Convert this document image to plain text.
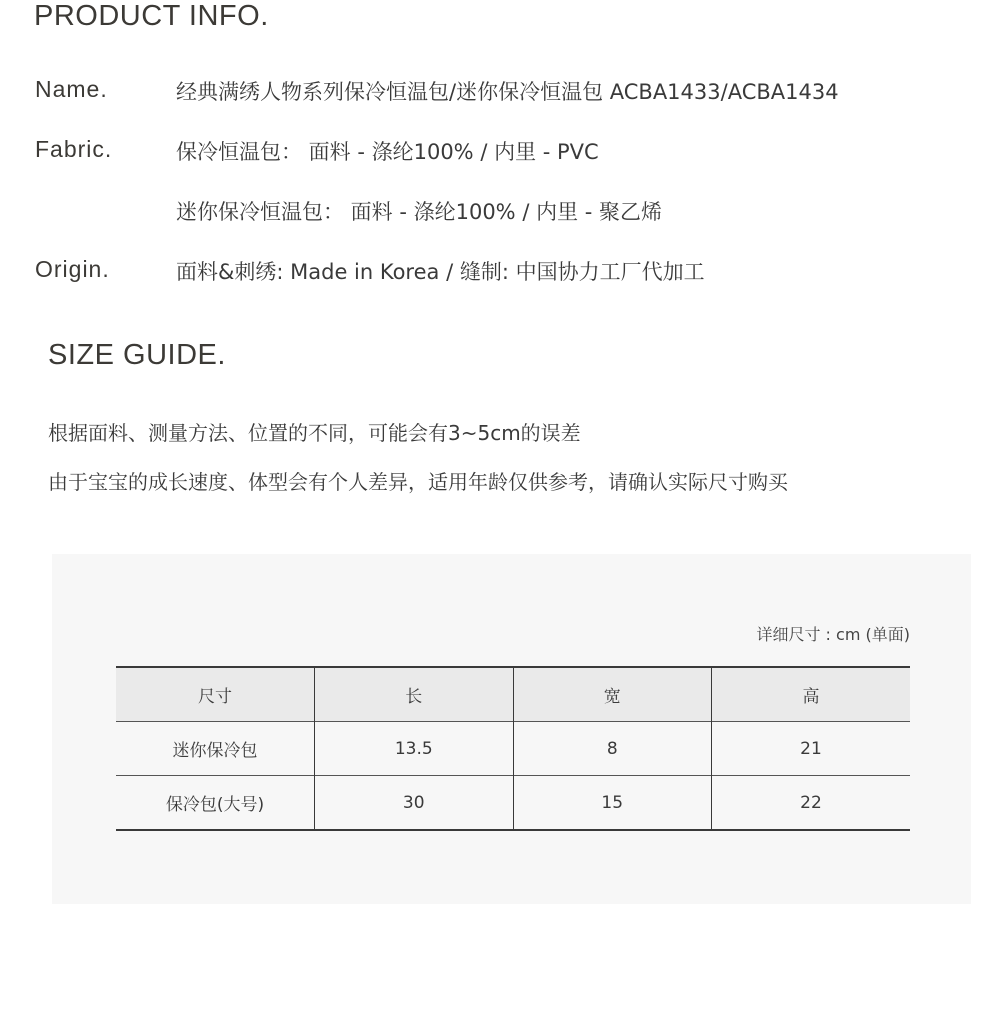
PRODUCT INFO.
Name.	经典满绣人物系列保冷恒温包/迷你保冷恒温包 ACBA1433/ACBA1434
Fabric.	保冷恒温包： 面料 - 涤纶100% / 内里 - PVC
迷你保冷恒温包： 面料 - 涤纶100% / 内里 - 聚乙烯
Origin.	面料&刺绣: Made in Korea / 缝制: 中国协力工厂代加工
SIZE GUIDE.
根据面料、测量方法、位置的不同，可能会有3~5cm的误差
由于宝宝的成长速度、体型会有个人差异，适用年龄仅供参考，请确认实际尺寸购买
详细尺寸 : cm (单面)
尺寸	长	宽	高
迷你保冷包	13.5	8	21
保冷包(大号)	30	15	22
